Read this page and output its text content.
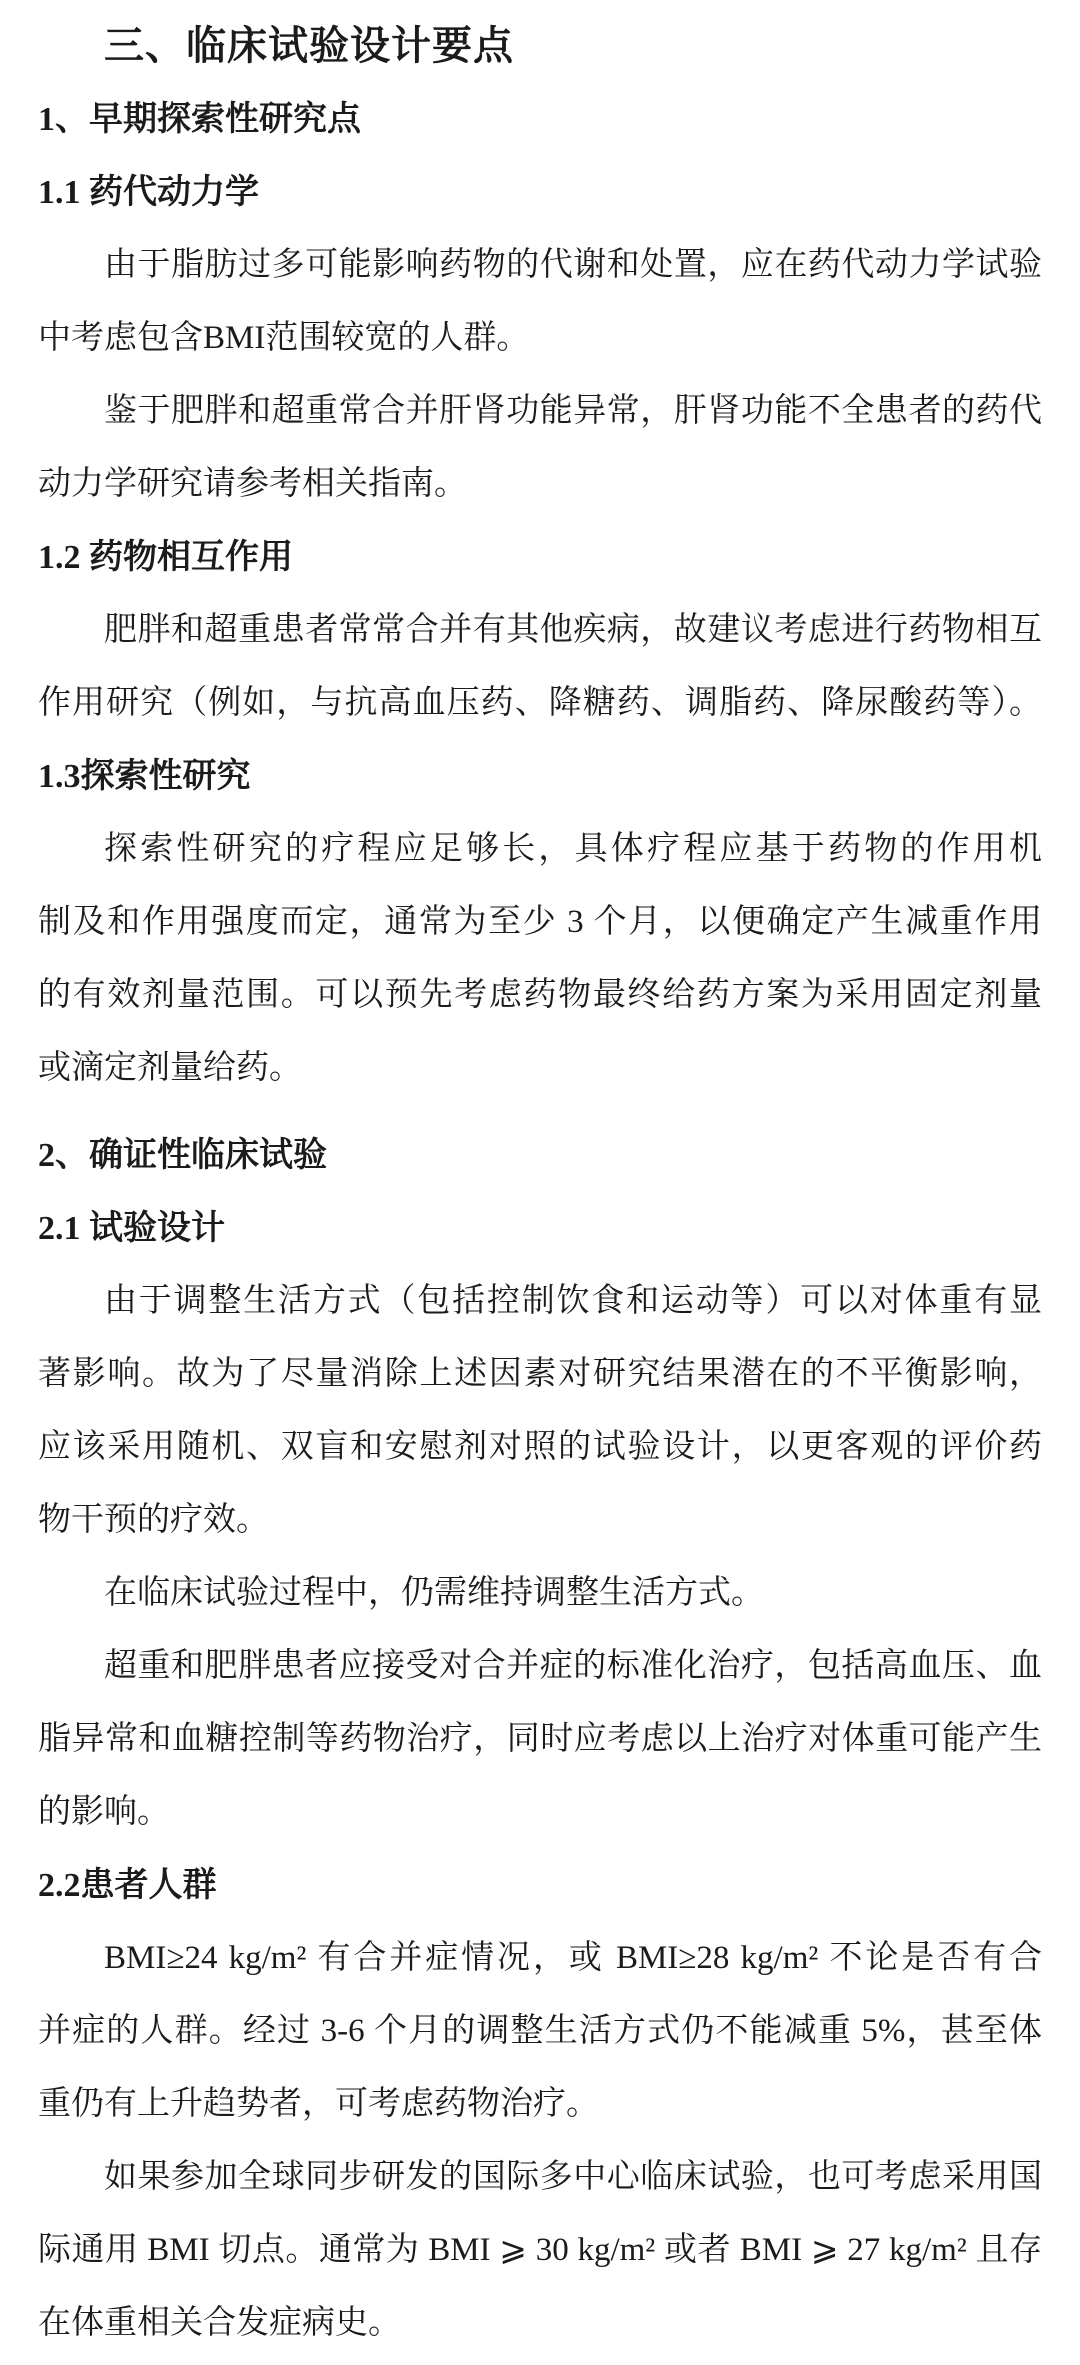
三、临床试验设计要点
1、早期探索性研究点
1.1 药代动力学
由于脂肪过多可能影响药物的代谢和处置，应在药代动力学试验
中考虑包含BMI范围较宽的人群。
鉴于肥胖和超重常合并肝肾功能异常，肝肾功能不全患者的药代
动力学研究请参考相关指南。
1.2 药物相互作用
肥胖和超重患者常常合并有其他疾病，故建议考虑进行药物相互
作用研究（例如，与抗高血压药、降糖药、调脂药、降尿酸药等）。
1.3探索性研究
探索性研究的疗程应足够长，具体疗程应基于药物的作用机
制及和作用强度而定，通常为至少 3 个月，以便确定产生减重作用
的有效剂量范围。可以预先考虑药物最终给药方案为采用固定剂量
或滴定剂量给药。
2、确证性临床试验
2.1 试验设计
由于调整生活方式（包括控制饮食和运动等）可以对体重有显
著影响。故为了尽量消除上述因素对研究结果潜在的不平衡影响，
应该采用随机、双盲和安慰剂对照的试验设计，以更客观的评价药
物干预的疗效。
在临床试验过程中，仍需维持调整生活方式。
超重和肥胖患者应接受对合并症的标准化治疗，包括高血压、血
脂异常和血糖控制等药物治疗，同时应考虑以上治疗对体重可能产生
的影响。
2.2患者人群
BMI≥24 kg/m² 有合并症情况，或 BMI≥28 kg/m² 不论是否有合
并症的人群。经过 3-6 个月的调整生活方式仍不能减重 5%，甚至体
重仍有上升趋势者，可考虑药物治疗。
如果参加全球同步研发的国际多中心临床试验，也可考虑采用国
际通用 BMI 切点。通常为 BMI ⩾ 30 kg/m² 或者 BMI ⩾ 27 kg/m² 且存
在体重相关合发症病史。
